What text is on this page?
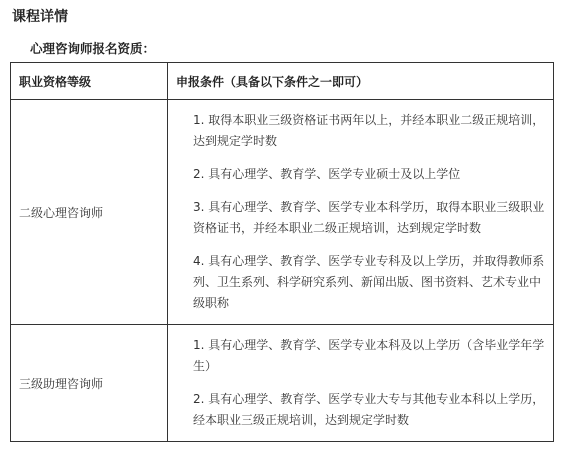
课程详情

心理咨询师报名资质：

职业资格等级	申报条件（具备以下条件之一即可）
二级心理咨询师	1. 取得本职业三级资格证书两年以上，并经本职业二级正规培训，达到规定学时数

2. 具有心理学、教育学、医学专业硕士及以上学位

3. 具有心理学、教育学、医学专业本科学历，取得本职业三级职业资格证书，并经本职业二级正规培训，达到规定学时数

4. 具有心理学、教育学、医学专业专科及以上学历，并取得教师系列、卫生系列、科学研究系列、新闻出版、图书资料、艺术专业中级职称

三级助理咨询师	1. 具有心理学、教育学、医学专业本科及以上学历（含毕业学年学生）

2. 具有心理学、教育学、医学专业大专与其他专业本科以上学历，经本职业三级正规培训，达到规定学时数
